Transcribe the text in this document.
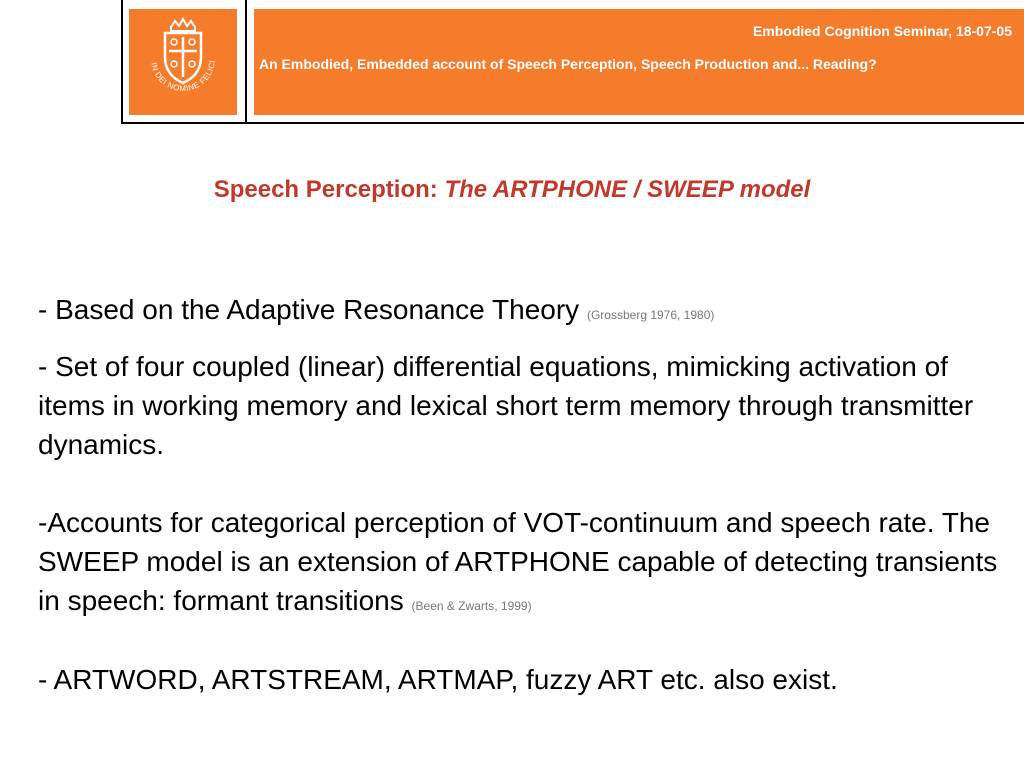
IN DEI NOMINE FELICI
Embodied Cognition Seminar, 18-07-05
An Embodied, Embedded account of Speech Perception, Speech Production and... Reading?
Speech Perception: The ARTPHONE / SWEEP model
- Based on the Adaptive Resonance Theory (Grossberg 1976, 1980)
- Set of four coupled (linear) differential equations, mimicking activation of items in working memory and lexical short term memory through transmitter dynamics.
-Accounts for categorical perception of VOT-continuum and speech rate. The SWEEP model is an extension of ARTPHONE capable of detecting transients in speech: formant transitions (Been & Zwarts, 1999)
- ARTWORD, ARTSTREAM, ARTMAP, fuzzy ART etc. also exist.
